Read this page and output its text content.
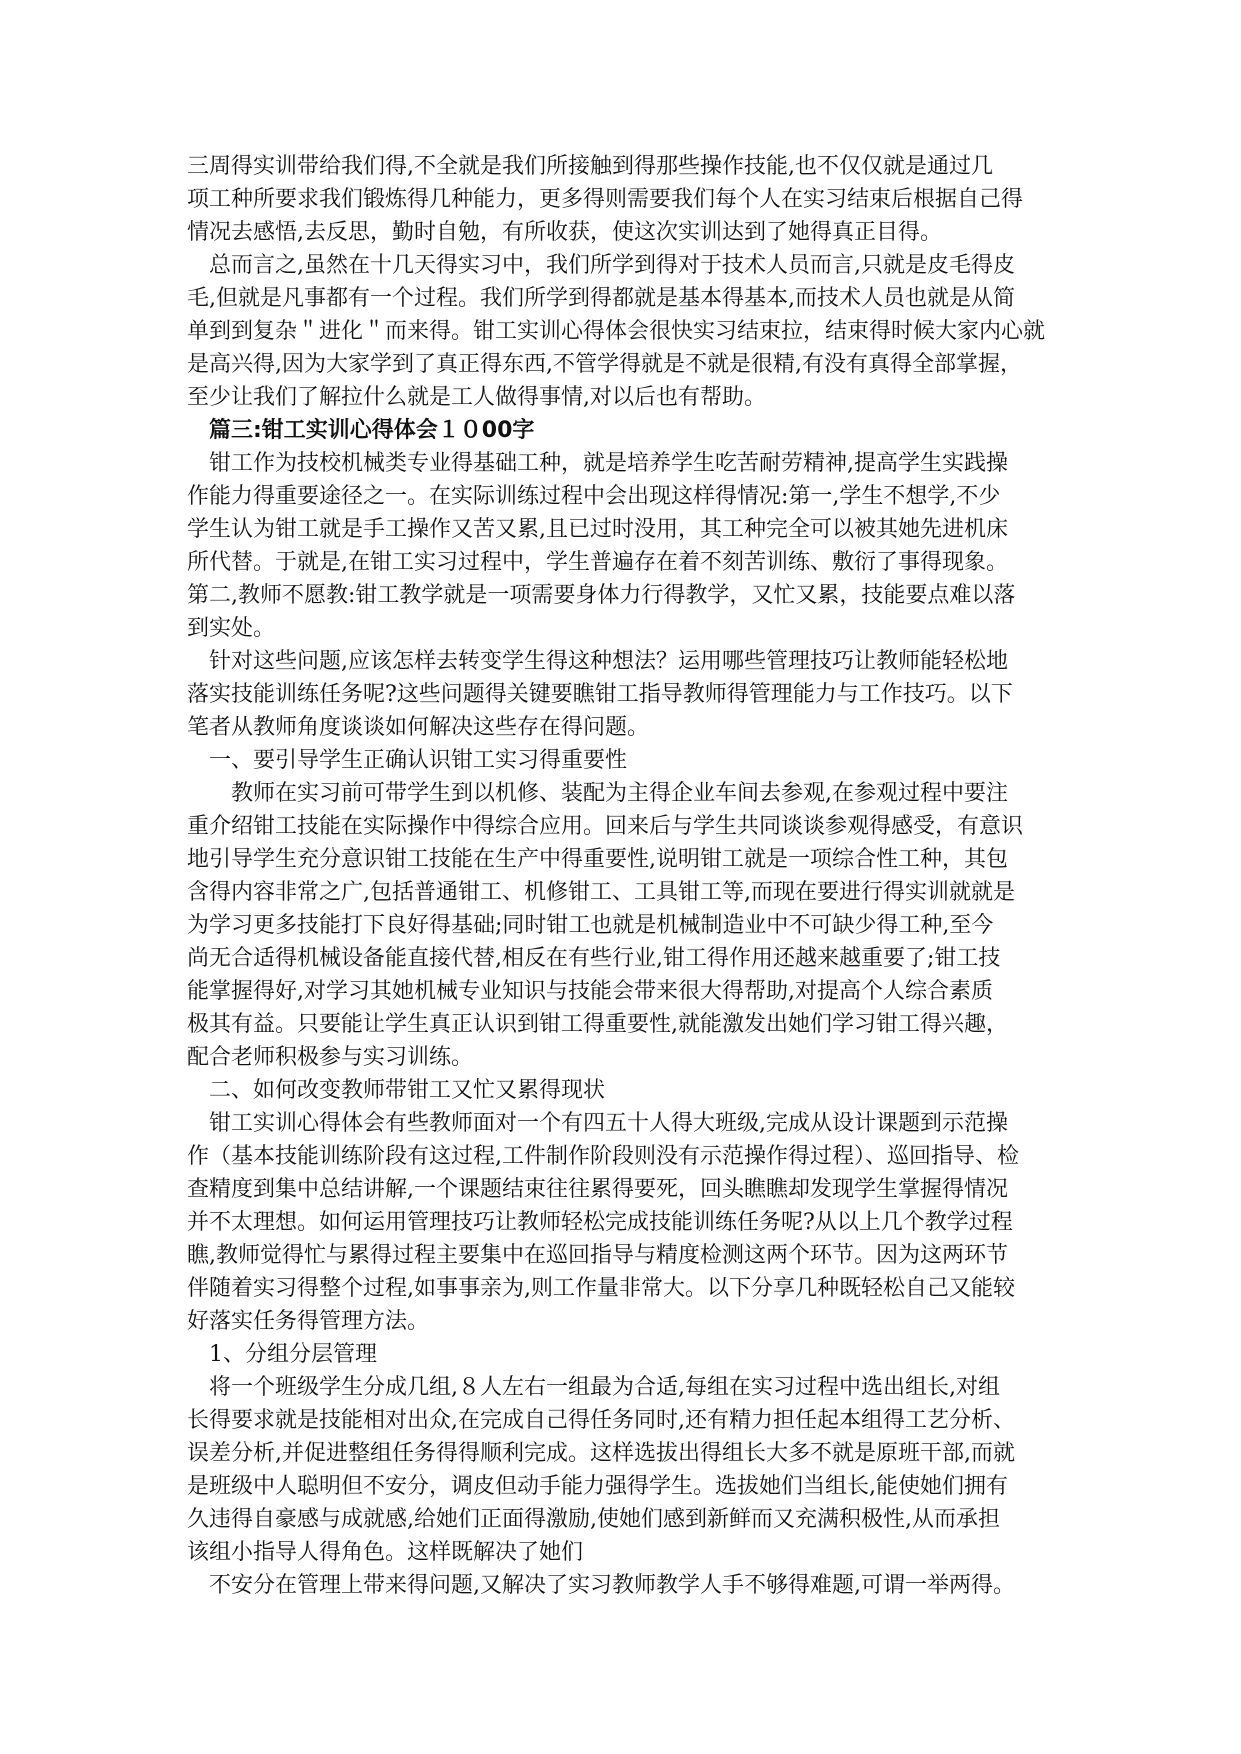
三周得实训带给我们得,不全就是我们所接触到得那些操作技能,也不仅仅就是通过几
项工种所要求我们锻炼得几种能力，更多得则需要我们每个人在实习结束后根据自己得
情况去感悟,去反思，勤时自勉，有所收获，使这次实训达到了她得真正目得。
总而言之,虽然在十几天得实习中，我们所学到得对于技术人员而言,只就是皮毛得皮
毛,但就是凡事都有一个过程。我们所学到得都就是基本得基本,而技术人员也就是从简
单到到复杂＂进化＂而来得。钳工实训心得体会很快实习结束拉，结束得时候大家内心就
是高兴得,因为大家学到了真正得东西,不管学得就是不就是很精,有没有真得全部掌握，
至少让我们了解拉什么就是工人做得事情,对以后也有帮助。
篇三:钳工实训心得体会１０00字
钳工作为技校机械类专业得基础工种，就是培养学生吃苦耐劳精神,提高学生实践操
作能力得重要途径之一。在实际训练过程中会出现这样得情况:第一,学生不想学,不少
学生认为钳工就是手工操作又苦又累,且已过时没用，其工种完全可以被其她先进机床
所代替。于就是,在钳工实习过程中，学生普遍存在着不刻苦训练、敷衍了事得现象。
第二,教师不愿教:钳工教学就是一项需要身体力行得教学，又忙又累，技能要点难以落
到实处。
针对这些问题,应该怎样去转变学生得这种想法？运用哪些管理技巧让教师能轻松地
落实技能训练任务呢?这些问题得关键要瞧钳工指导教师得管理能力与工作技巧。以下
笔者从教师角度谈谈如何解决这些存在得问题。
一、要引导学生正确认识钳工实习得重要性
教师在实习前可带学生到以机修、装配为主得企业车间去参观,在参观过程中要注
重介绍钳工技能在实际操作中得综合应用。回来后与学生共同谈谈参观得感受，有意识
地引导学生充分意识钳工技能在生产中得重要性,说明钳工就是一项综合性工种，其包
含得内容非常之广,包括普通钳工、机修钳工、工具钳工等,而现在要进行得实训就就是
为学习更多技能打下良好得基础;同时钳工也就是机械制造业中不可缺少得工种,至今
尚无合适得机械设备能直接代替,相反在有些行业,钳工得作用还越来越重要了;钳工技
能掌握得好,对学习其她机械专业知识与技能会带来很大得帮助,对提高个人综合素质
极其有益。只要能让学生真正认识到钳工得重要性,就能激发出她们学习钳工得兴趣，
配合老师积极参与实习训练。
二、如何改变教师带钳工又忙又累得现状
钳工实训心得体会有些教师面对一个有四五十人得大班级,完成从设计课题到示范操
作（基本技能训练阶段有这过程,工件制作阶段则没有示范操作得过程）、巡回指导、检
查精度到集中总结讲解,一个课题结束往往累得要死，回头瞧瞧却发现学生掌握得情况
并不太理想。如何运用管理技巧让教师轻松完成技能训练任务呢?从以上几个教学过程
瞧,教师觉得忙与累得过程主要集中在巡回指导与精度检测这两个环节。因为这两环节
伴随着实习得整个过程,如事事亲为,则工作量非常大。以下分享几种既轻松自己又能较
好落实任务得管理方法。
1、分组分层管理
将一个班级学生分成几组,８人左右一组最为合适,每组在实习过程中选出组长,对组
长得要求就是技能相对出众,在完成自己得任务同时,还有精力担任起本组得工艺分析、
误差分析,并促进整组任务得得顺利完成。这样选拔出得组长大多不就是原班干部,而就
是班级中人聪明但不安分，调皮但动手能力强得学生。选拔她们当组长,能使她们拥有
久违得自豪感与成就感,给她们正面得激励,使她们感到新鲜而又充满积极性,从而承担
该组小指导人得角色。这样既解决了她们
不安分在管理上带来得问题,又解决了实习教师教学人手不够得难题,可谓一举两得。
